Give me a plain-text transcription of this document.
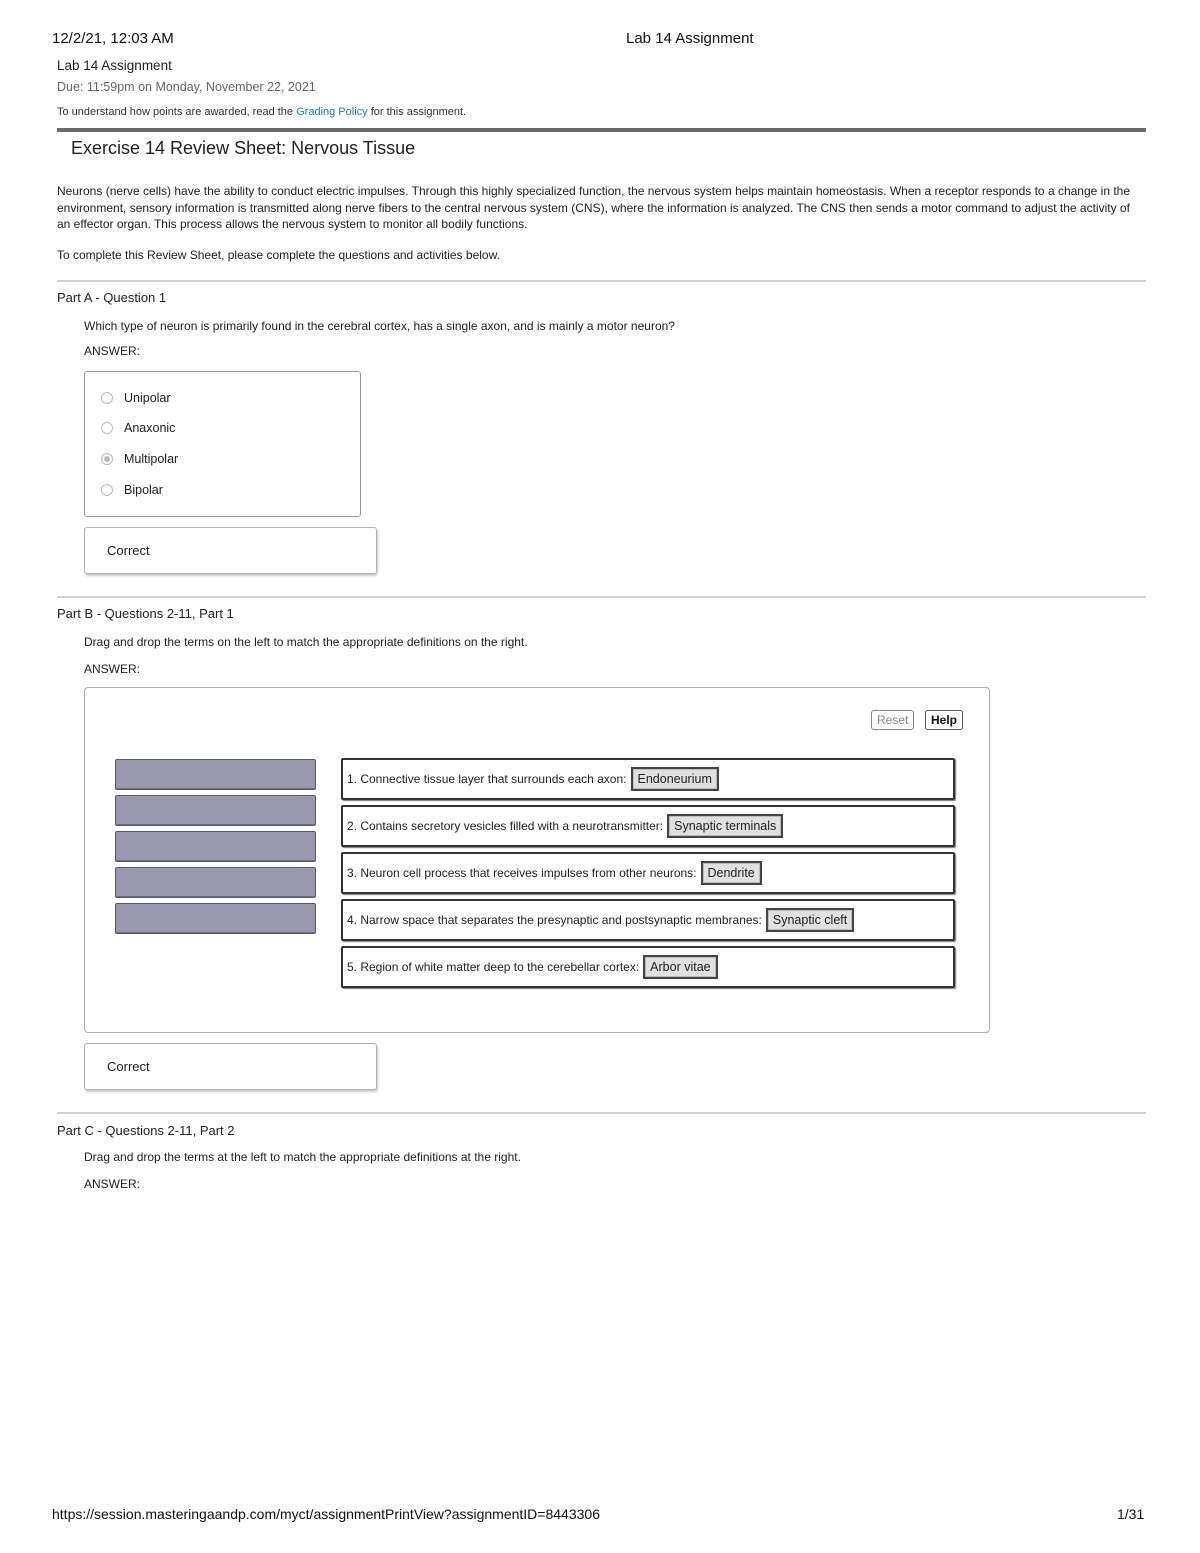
12/2/21, 12:03 AM	Lab 14 Assignment
Lab 14 Assignment
Due: 11:59pm on Monday, November 22, 2021
To understand how points are awarded, read the Grading Policy for this assignment.
Exercise 14 Review Sheet: Nervous Tissue
Neurons (nerve cells) have the ability to conduct electric impulses. Through this highly specialized function, the nervous system helps maintain homeostasis. When a receptor responds to a change in the environment, sensory information is transmitted along nerve fibers to the central nervous system (CNS), where the information is analyzed. The CNS then sends a motor command to adjust the activity of an effector organ. This process allows the nervous system to monitor all bodily functions.
To complete this Review Sheet, please complete the questions and activities below.
Part A - Question 1
Which type of neuron is primarily found in the cerebral cortex, has a single axon, and is mainly a motor neuron?
ANSWER:
Unipolar
Anaxonic
Multipolar
Bipolar
Correct
Part B - Questions 2-11, Part 1
Drag and drop the terms on the left to match the appropriate definitions on the right.
ANSWER:
Reset	Help
1. Connective tissue layer that surrounds each axon: Endoneurium
2. Contains secretory vesicles filled with a neurotransmitter: Synaptic terminals
3. Neuron cell process that receives impulses from other neurons: Dendrite
4. Narrow space that separates the presynaptic and postsynaptic membranes: Synaptic cleft
5. Region of white matter deep to the cerebellar cortex: Arbor vitae
Correct
Part C - Questions 2-11, Part 2
Drag and drop the terms at the left to match the appropriate definitions at the right.
ANSWER:
https://session.masteringaandp.com/myct/assignmentPrintView?assignmentID=8443306	1/31
